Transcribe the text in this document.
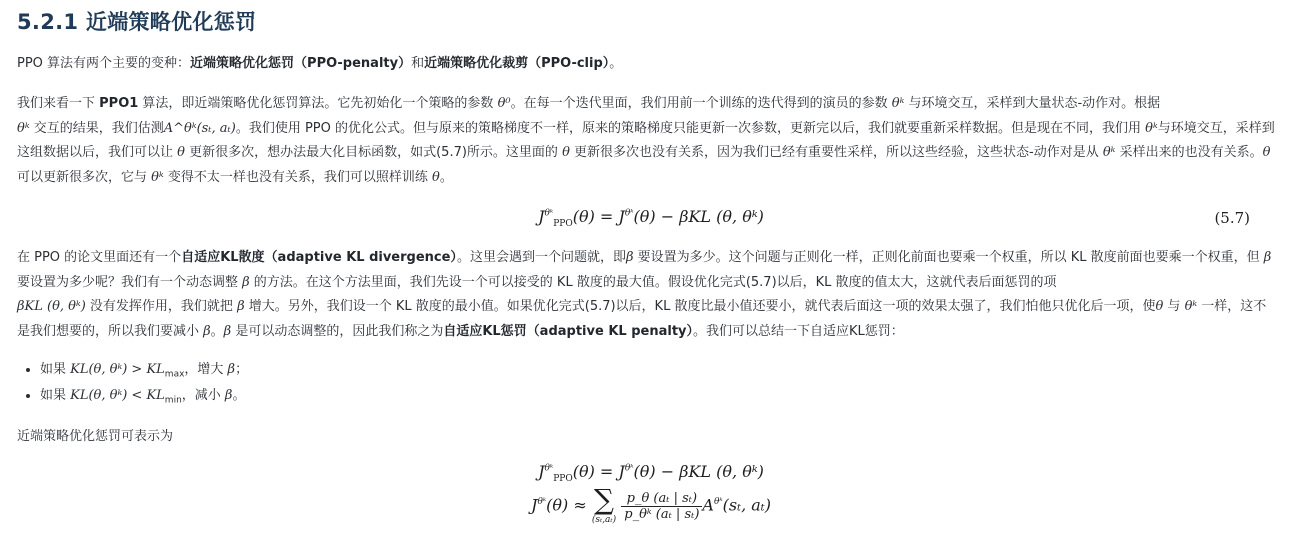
5.2.1 近端策略优化惩罚

PPO 算法有两个主要的变种：近端策略优化惩罚（PPO-penalty）和近端策略优化裁剪（PPO-clip）。

我们来看一下 PPO1 算法，即近端策略优化惩罚算法。它先初始化一个策略的参数 θ⁰。在每一个迭代里面，我们用前一个训练的迭代得到的演员的参数 θᵏ 与环境交互，采样到大量状态-动作对。根据
θᵏ 交互的结果，我们估测A^θᵏ(sₜ, aₜ)。我们使用 PPO 的优化公式。但与原来的策略梯度不一样，原来的策略梯度只能更新一次参数，更新完以后，我们就要重新采样数据。但是现在不同，我们用 θᵏ与环境交互，采样到这组数据以后，我们可以让 θ 更新很多次，想办法最大化目标函数，如式(5.7)所示。这里面的 θ 更新很多次也没有关系，因为我们已经有重要性采样，所以这些经验，这些状态-动作对是从 θᵏ 采样出来的也没有关系。θ 可以更新很多次，它与 θᵏ 变得不太一样也没有关系，我们可以照样训练 θ。

$J^{\theta ᵏ}_{PPO}(\theta) = J^{\theta ᵏ}(\theta) - \beta KL$ (θ, θᵏ)	(5.7)

在 PPO 的论文里面还有一个自适应KL散度（adaptive KL divergence）。这里会遇到一个问题就，即β 要设置为多少。这个问题与正则化一样，正则化前面也要乘一个权重，所以 KL 散度前面也要乘一个权重，但 β 要设置为多少呢？我们有一个动态调整 β 的方法。在这个方法里面，我们先设一个可以接受的 KL 散度的最大值。假设优化完式(5.7)以后，KL 散度的值太大，这就代表后面惩罚的项
βKL (θ, θᵏ) 没有发挥作用，我们就把 β 增大。另外，我们设一个 KL 散度的最小值。如果优化完式(5.7)以后，KL 散度比最小值还要小，就代表后面这一项的效果太强了，我们怕他只优化后一项，使θ 与 θᵏ 一样，这不是我们想要的，所以我们要减小 β。β 是可以动态调整的，因此我们称之为自适应KL惩罚（adaptive KL penalty）。我们可以总结一下自适应KL惩罚：

• 如果 KL(θ, θᵏ) > $KL_{max}$，增大 β；
• 如果 KL(θ, θᵏ) < $KL_{min}$，减小 β。

近端策略优化惩罚可表示为

$J^{\theta ᵏ}_{PPO}(\theta) = J^{\theta ᵏ}(\theta) - \beta KL$ (θ, θᵏ)
$J^{\theta ᵏ}(\theta)$ ≈ ∑
(sₜ,aₜ)
$\frac{\text{p\_θ (aₜ | sₜ)}}{\text{p\_θᵏ (aₜ | sₜ)}} A^{\theta ᵏ}(s_t$, aₜ)
